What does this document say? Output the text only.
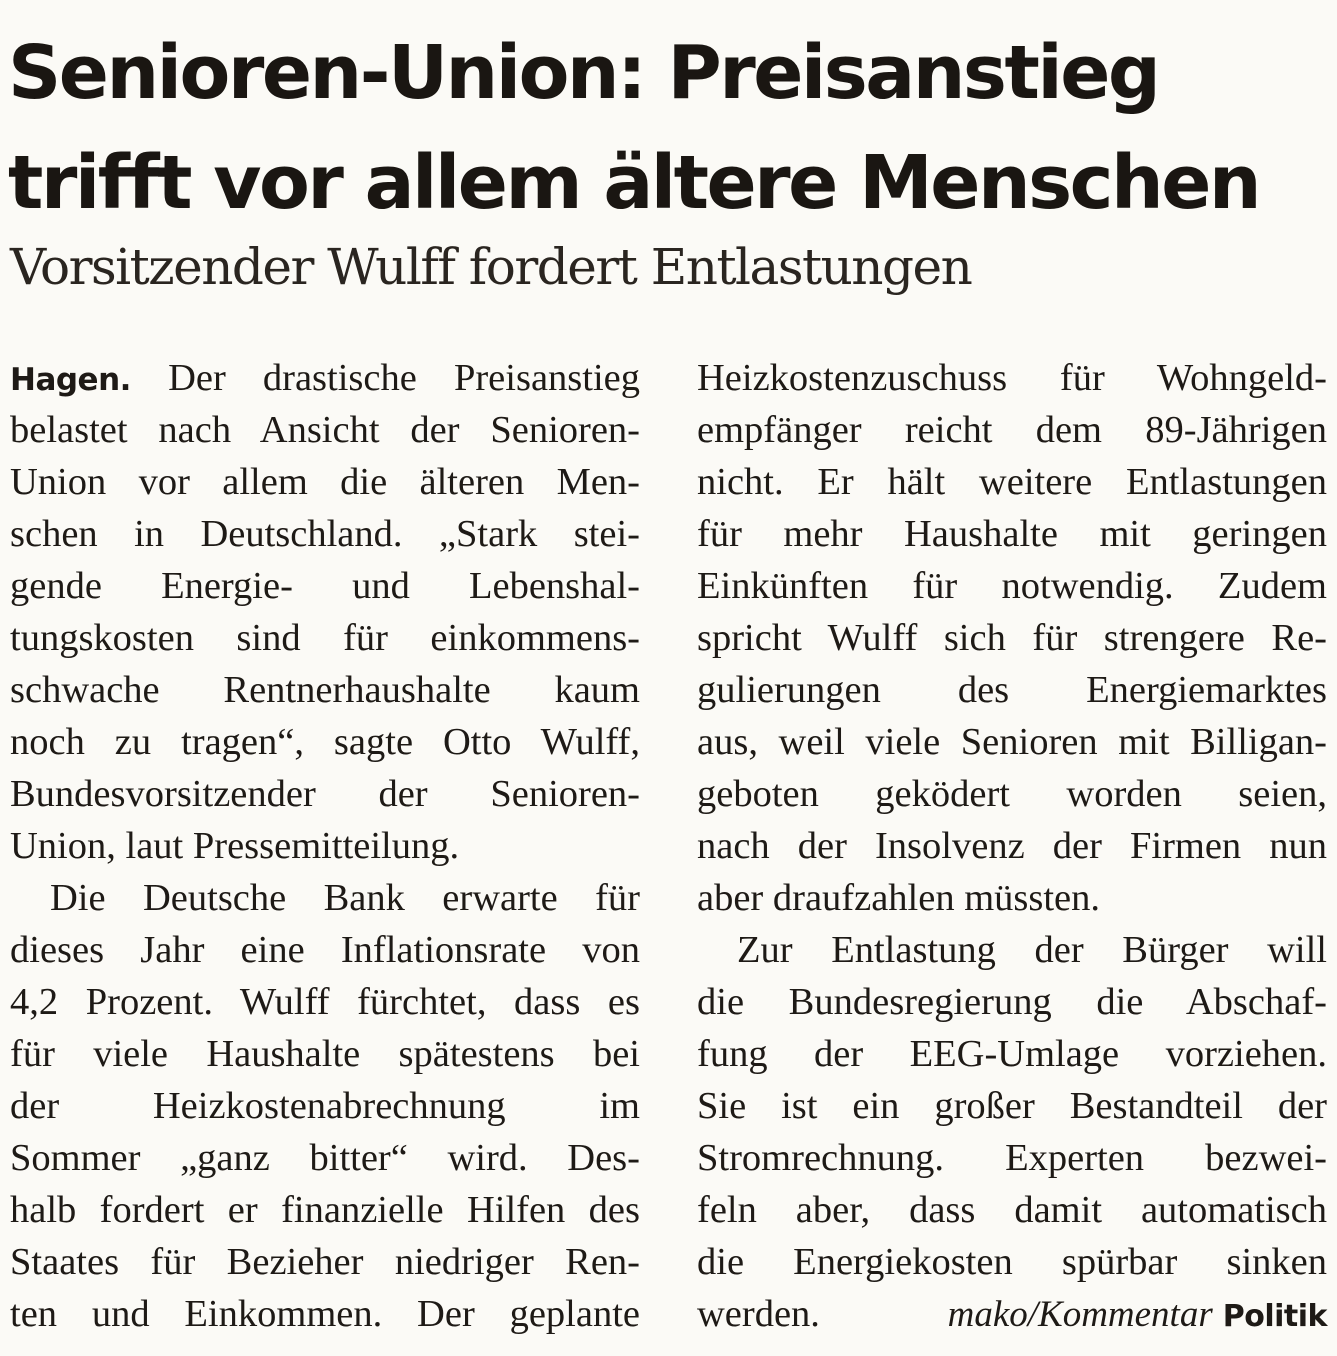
Senioren-Union: Preisanstieg
trifft vor allem ältere Menschen
Vorsitzender Wulff fordert Entlastungen
Hagen. Der drastische Preisanstieg
belastet nach Ansicht der Senioren-
Union vor allem die älteren Men-
schen in Deutschland. „Stark stei-
gende Energie- und Lebenshal-
tungskosten sind für einkommens-
schwache Rentnerhaushalte kaum
noch zu tragen“, sagte Otto Wulff,
Bundesvorsitzender der Senioren-
Union, laut Pressemitteilung.
Die Deutsche Bank erwarte für
dieses Jahr eine Inflationsrate von
4,2 Prozent. Wulff fürchtet, dass es
für viele Haushalte spätestens bei
der Heizkostenabrechnung im
Sommer „ganz bitter“ wird. Des-
halb fordert er finanzielle Hilfen des
Staates für Bezieher niedriger Ren-
ten und Einkommen. Der geplante
Heizkostenzuschuss für Wohngeld-
empfänger reicht dem 89-Jährigen
nicht. Er hält weitere Entlastungen
für mehr Haushalte mit geringen
Einkünften für notwendig. Zudem
spricht Wulff sich für strengere Re-
gulierungen des Energiemarktes
aus, weil viele Senioren mit Billigan-
geboten geködert worden seien,
nach der Insolvenz der Firmen nun
aber draufzahlen müssten.
Zur Entlastung der Bürger will
die Bundesregierung die Abschaf-
fung der EEG-Umlage vorziehen.
Sie ist ein großer Bestandteil der
Stromrechnung. Experten bezwei-
feln aber, dass damit automatisch
die Energiekosten spürbar sinken
werden.	mako/Kommentar Politik
